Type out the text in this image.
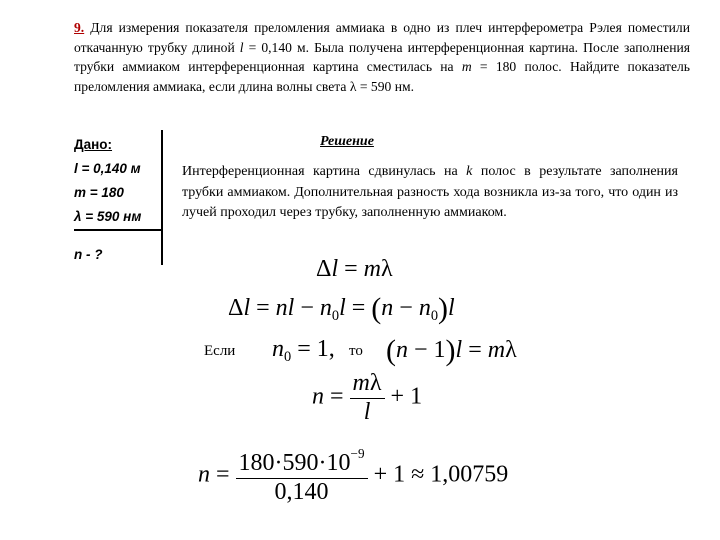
9. Для измерения показателя преломления аммиака в одно из плеч интерферометра Рэлея поместили откачанную трубку длиной l = 0,140 м. Была получена интерференционная картина. После заполнения трубки аммиаком интерференционная картина сместилась на m = 180 полос. Найдите показатель преломления аммиака, если длина волны света λ = 590 нм.
Дано:
l = 0,140 м
m = 180
λ = 590 нм
n - ?
Решение
Интерференционная картина сдвинулась на k полос в результате заполнения трубки аммиаком. Дополнительная разность хода возникла из-за того, что один из лучей проходил через трубку, заполненную аммиаком.
Δl = mλ
Δl = nl − $n_0l = (n - n_0)l$
Если $n_0 = 1$, то (n − 1)l = mλ
$n = \frac{m\lambda}{l} + 1$
$n = \frac{180\cdot 590\cdot 10^{-9}}{0,140} + 1 \approx 1,00759$
